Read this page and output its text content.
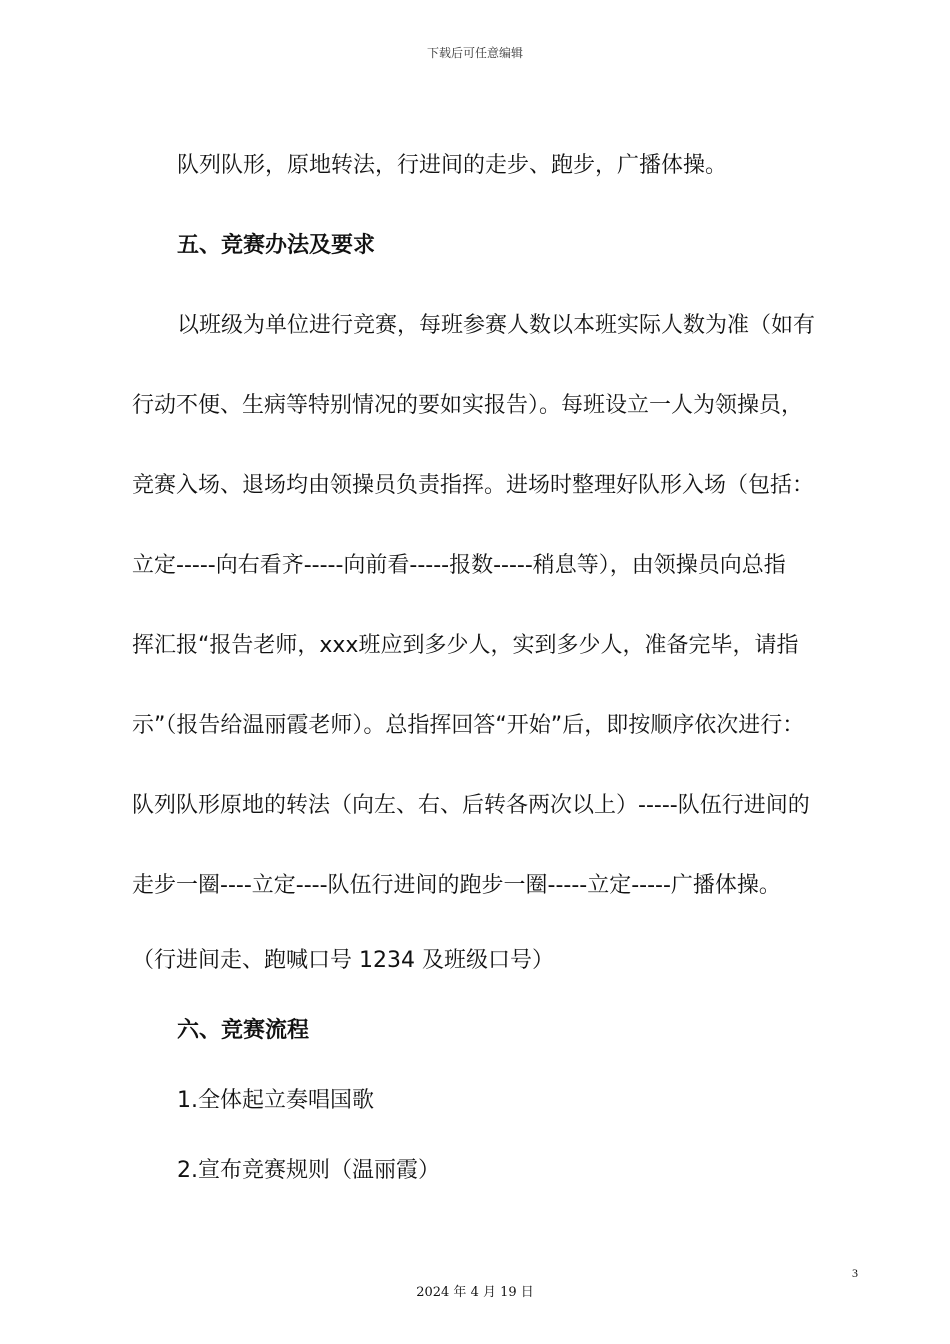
下载后可任意编辑
队列队形，原地转法，行进间的走步、跑步，广播体操。
五、竞赛办法及要求
以班级为单位进行竞赛，每班参赛人数以本班实际人数为准（如有
行动不便、生病等特别情况的要如实报告）。每班设立一人为领操员，
竞赛入场、退场均由领操员负责指挥。进场时整理好队形入场（包括：
立定-----向右看齐-----向前看-----报数-----稍息等），由领操员向总指
挥汇报“报告老师，xxx班应到多少人，实到多少人，准备完毕，请指
示”（报告给温丽霞老师）。总指挥回答“开始”后，即按顺序依次进行：
队列队形原地的转法（向左、右、后转各两次以上）-----队伍行进间的
走步一圈----立定----队伍行进间的跑步一圈-----立定-----广播体操。
（行进间走、跑喊口号 1234 及班级口号）
六、竞赛流程
1.全体起立奏唱国歌
2.宣布竞赛规则（温丽霞）
3
2024 年 4 月 19 日
